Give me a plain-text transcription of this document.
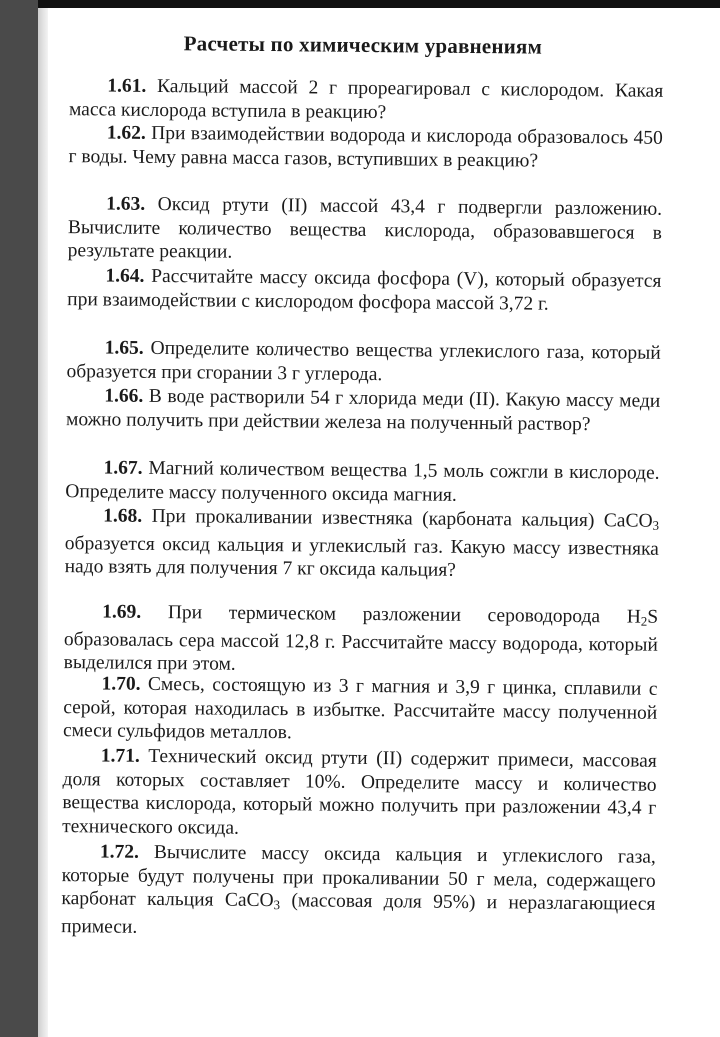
Расчеты по химическим уравнениям

1.61. Кальций массой 2 г прореагировал с кислородом. Какая масса кислорода вступила в реакцию?

1.62. При взаимодействии водорода и кислорода образовалось 450 г воды. Чему равна масса газов, вступивших в реакцию?

1.63. Оксид ртути (II) массой 43,4 г подвергли разложению. Вычислите количество вещества кислорода, образовавшегося в результате реакции.

1.64. Рассчитайте массу оксида фосфора (V), который образуется при взаимодействии с кислородом фосфора массой 3,72 г.

1.65. Определите количество вещества углекислого газа, который образуется при сгорании 3 г углерода.

1.66. В воде растворили 54 г хлорида меди (II). Какую массу меди можно получить при действии железа на полученный раствор?

1.67. Магний количеством вещества 1,5 моль сожгли в кислороде. Определите массу полученного оксида магния.

1.68. При прокаливании известняка (карбоната кальция) CaCO$_3$ образуется оксид кальция и углекислый газ. Какую массу известняка надо взять для получения 7 кг оксида кальция?

1.69. При термическом разложении сероводорода $H_2S$ образовалась сера массой 12,8 г. Рассчитайте массу водорода, который выделился при этом.

1.70. Смесь, состоящую из 3 г магния и 3,9 г цинка, сплавили с серой, которая находилась в избытке. Рассчитайте массу полученной смеси сульфидов металлов.

1.71. Технический оксид ртути (II) содержит примеси, массовая доля которых составляет 10%. Определите массу и количество вещества кислорода, который можно получить при разложении 43,4 г технического оксида.

1.72. Вычислите массу оксида кальция и углекислого газа, которые будут получены при прокаливании 50 г мела, содержащего карбонат кальция CaCO$_3$ (массовая доля 95%) и неразлагающиеся примеси.
